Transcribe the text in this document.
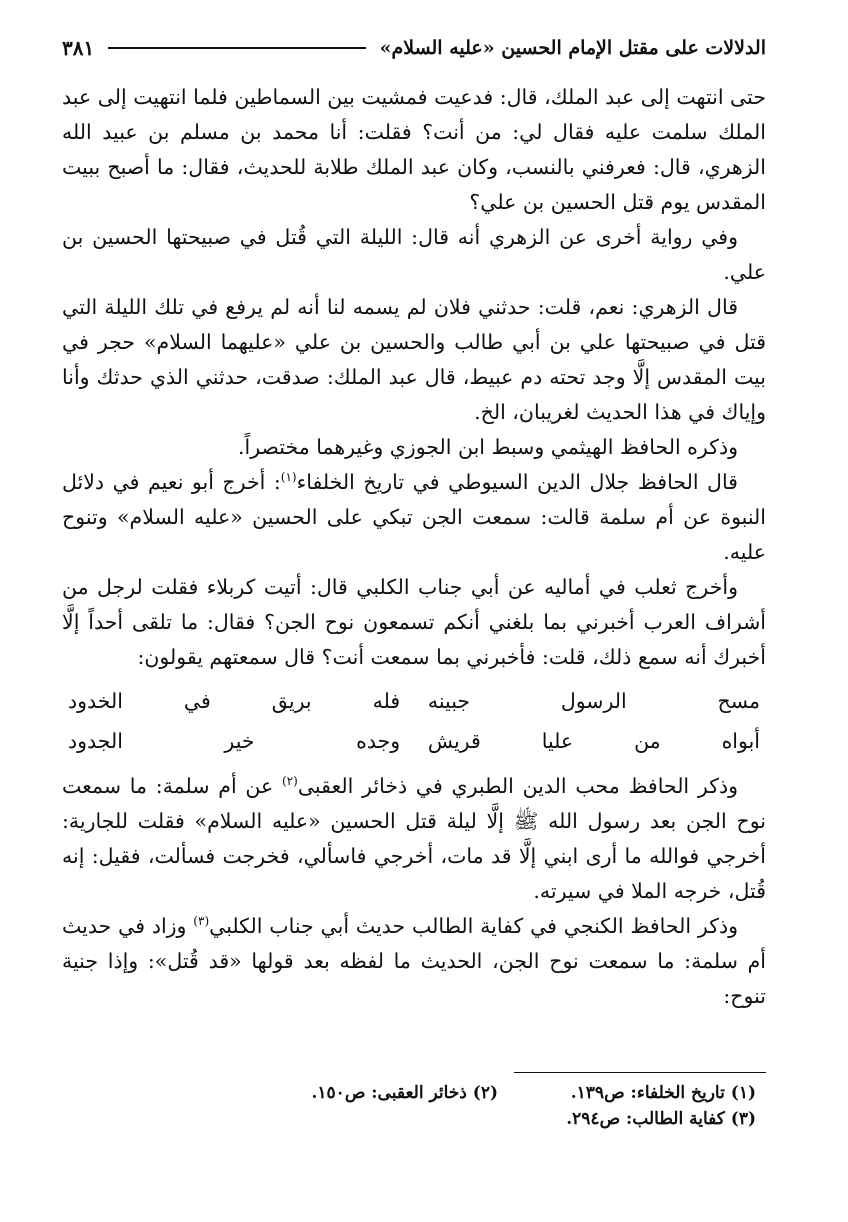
الدلالات على مقتل الإمام الحسين «عليه السلام»
٣٨١

حتى انتهت إلى عبد الملك، قال: فدعيت فمشيت بين السماطين فلما انتهيت إلى عبد الملك سلمت عليه فقال لي: من أنت؟ فقلت: أنا محمد بن مسلم بن عبيد الله الزهري، قال: فعرفني بالنسب، وكان عبد الملك طلابة للحديث، فقال: ما أصبح ببيت المقدس يوم قتل الحسين بن علي؟

وفي رواية أخرى عن الزهري أنه قال: الليلة التي قُتل في صبيحتها الحسين بن علي.

قال الزهري: نعم، قلت: حدثني فلان لم يسمه لنا أنه لم يرفع في تلك الليلة التي قتل في صبيحتها علي بن أبي طالب والحسين بن علي «عليهما السلام» حجر في بيت المقدس إلَّا وجد تحته دم عبيط، قال عبد الملك: صدقت، حدثني الذي حدثك وأنا وإياك في هذا الحديث لغريبان، الخ.

وذكره الحافظ الهيثمي وسبط ابن الجوزي وغيرهما مختصراً.

قال الحافظ جلال الدين السيوطي في تاريخ الخلفاء$^{(١)}$: أخرج أبو نعيم في دلائل النبوة عن أم سلمة قالت: سمعت الجن تبكي على الحسين «عليه السلام» وتنوح عليه.

وأخرج ثعلب في أماليه عن أبي جناب الكلبي قال: أتيت كربلاء فقلت لرجل من أشراف العرب أخبرني بما بلغني أنكم تسمعون نوح الجن؟ فقال: ما تلقى أحداً إلَّا أخبرك أنه سمع ذلك، قلت: فأخبرني بما سمعت أنت؟ قال سمعتهم يقولون:

مسح الرسول جبينه
فله بريق في الخدود
أبواه من عليا قريش
وجده خير الجدود

وذكر الحافظ محب الدين الطبري في ذخائر العقبى$^{(٢)}$ عن أم سلمة: ما سمعت نوح الجن بعد رسول الله ﷺ إلَّا ليلة قتل الحسين «عليه السلام» فقلت للجارية: أخرجي فوالله ما أرى ابني إلَّا قد مات، أخرجي فاسألي، فخرجت فسألت، فقيل: إنه قُتل، خرجه الملا في سيرته.

وذكر الحافظ الكنجي في كفاية الطالب حديث أبي جناب الكلبي$^{(٣)}$ وزاد في حديث أم سلمة: ما سمعت نوح الجن، الحديث ما لفظه بعد قولها «قد قُتل»: وإذا جنية تنوح:

(١) تاريخ الخلفاء: ص١٣٩.
(٢) ذخائر العقبى: ص١٥٠.
(٣) كفاية الطالب: ص٢٩٤.
